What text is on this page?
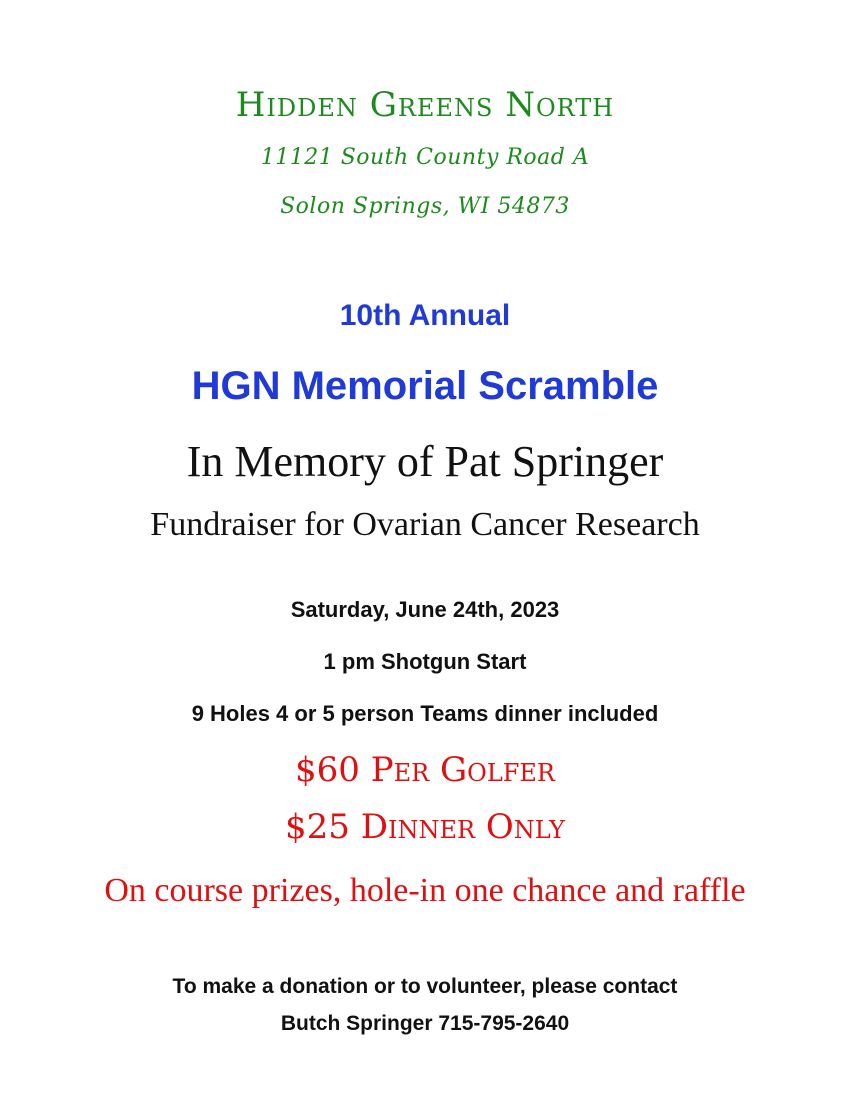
Hidden Greens North

11121 South County Road A

Solon Springs, WI 54873

10th Annual

HGN Memorial Scramble

In Memory of Pat Springer

Fundraiser for Ovarian Cancer Research

Saturday, June 24th, 2023

1 pm Shotgun Start

9 Holes 4 or 5 person Teams dinner included

$60 Per Golfer

$25 Dinner Only

On course prizes, hole-in one chance and raffle

To make a donation or to volunteer, please contact

Butch Springer 715-795-2640
